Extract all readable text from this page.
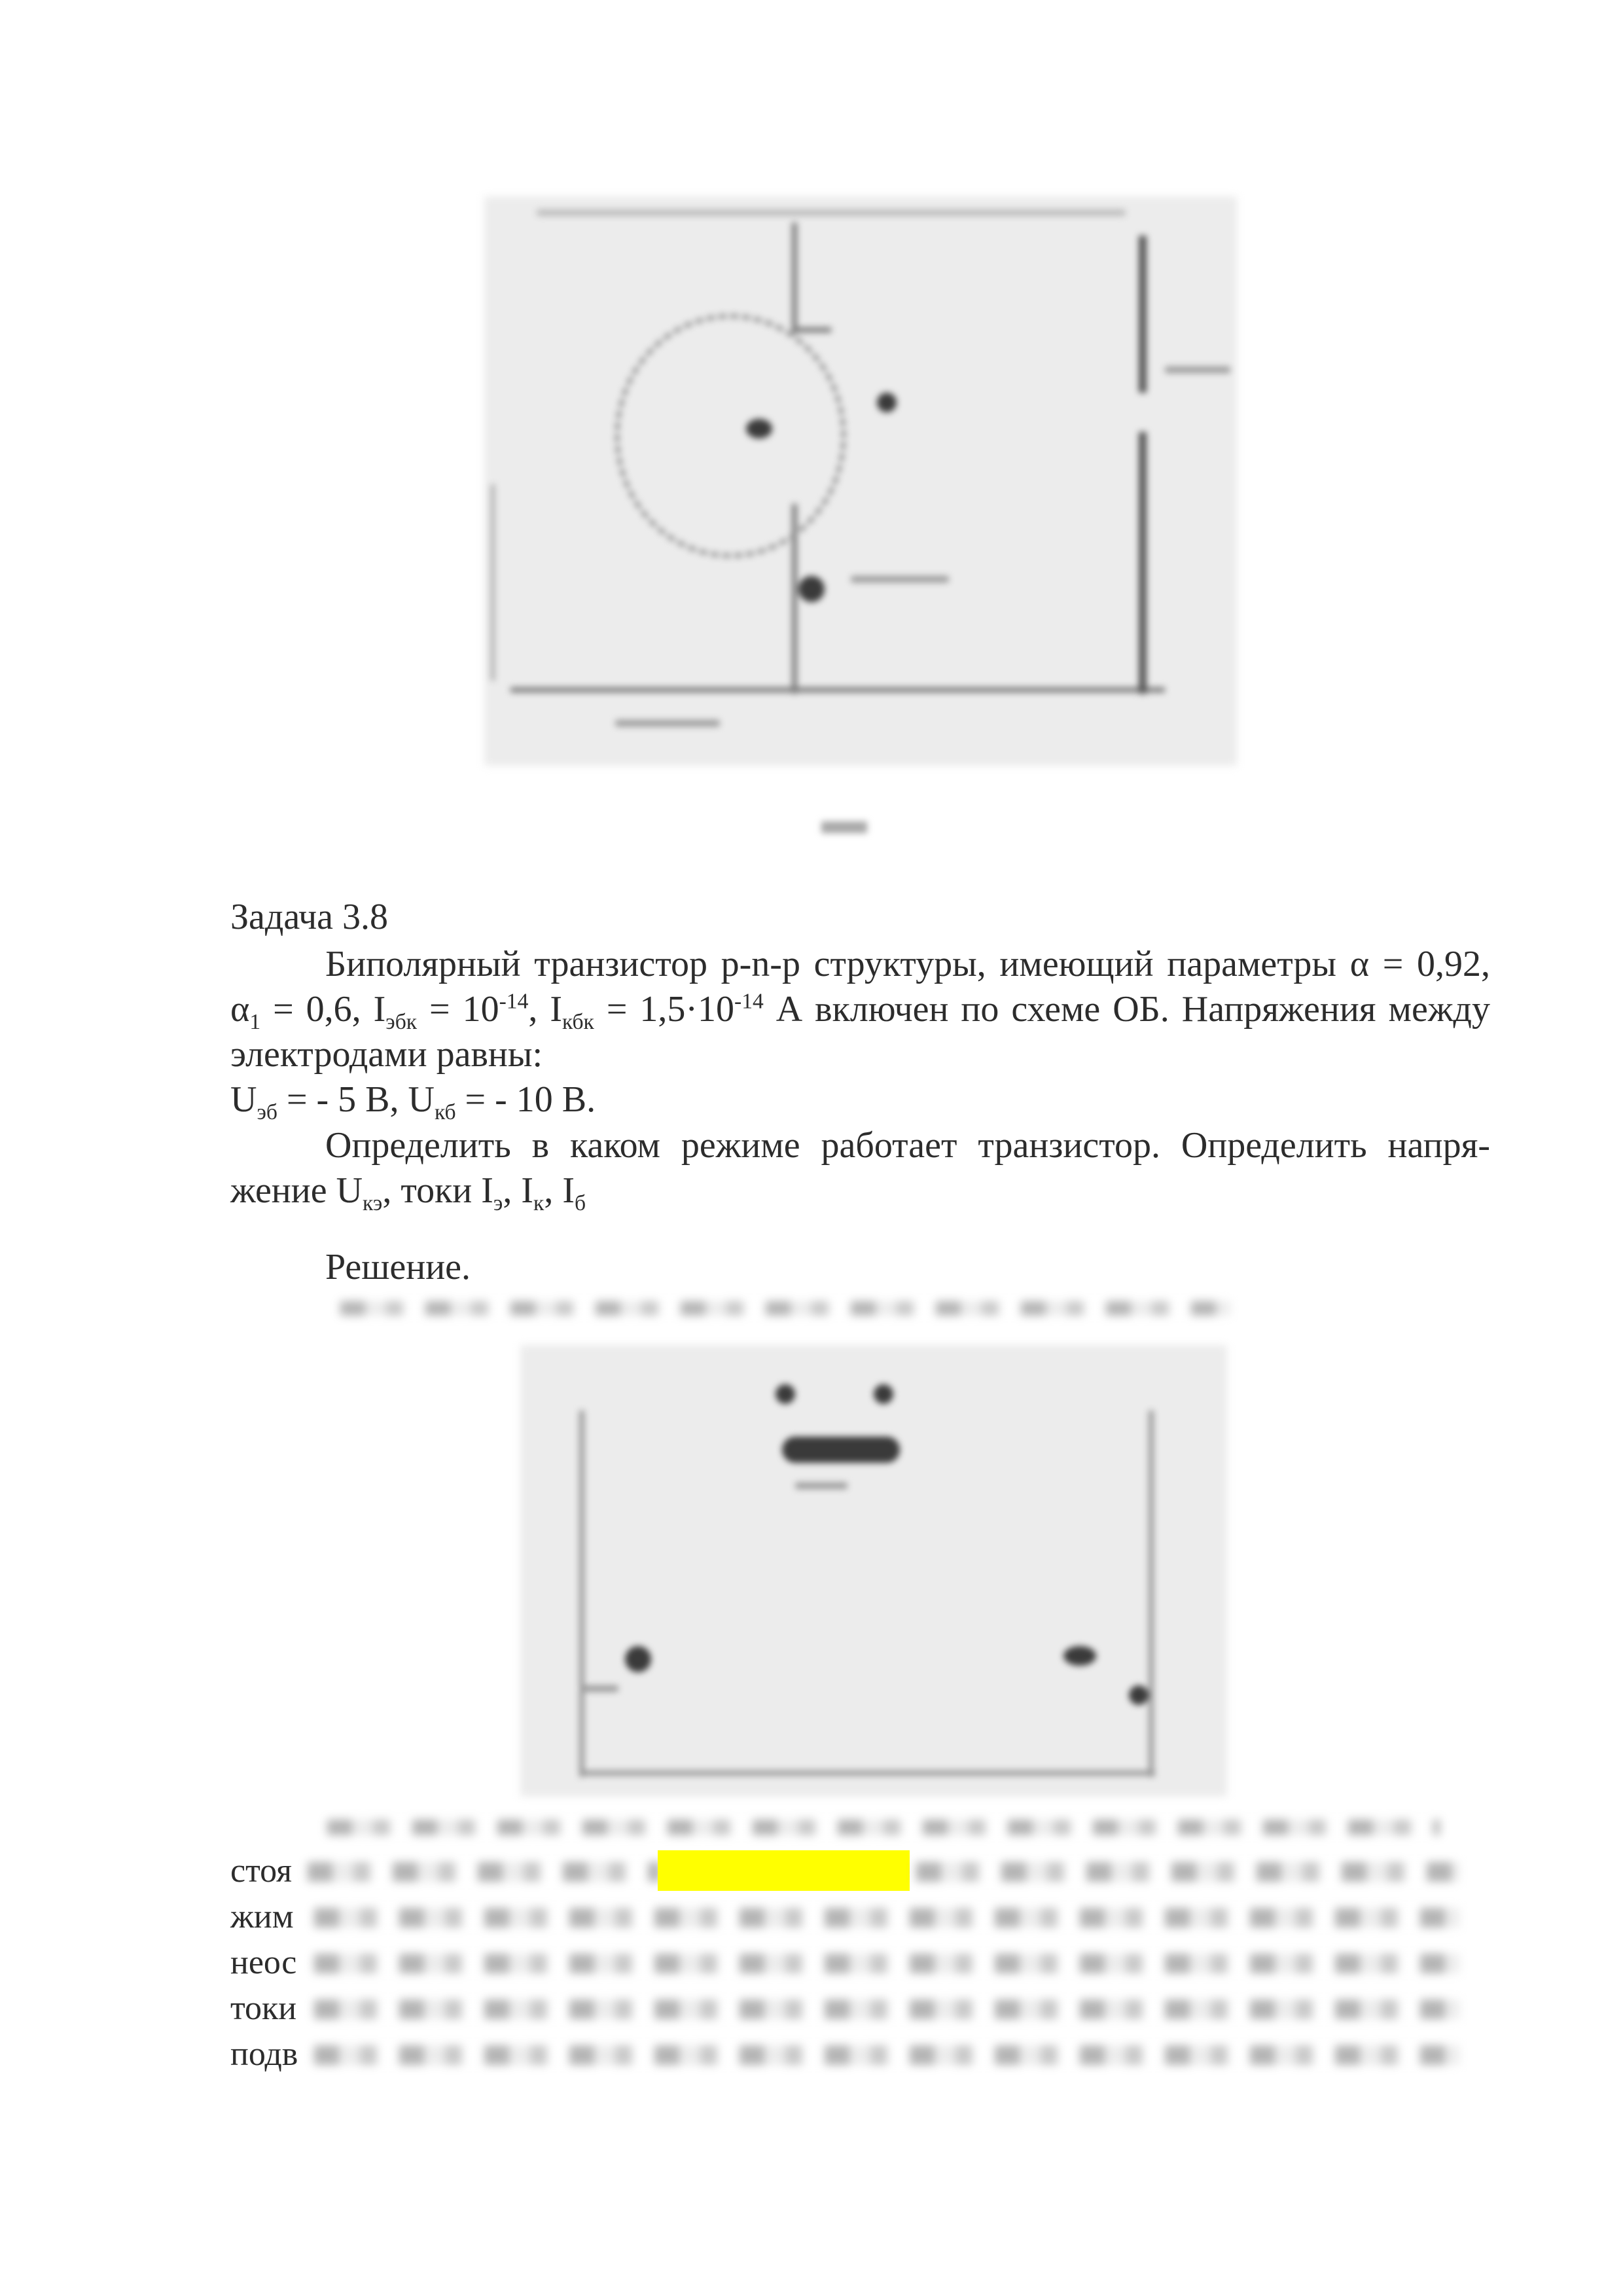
Задача 3.8
Биполярный транзистор p-n-p структуры, имеющий параметры α = 0,92,
$\alpha_1 = 0,6$, $I_{эбк} = 10^{-14}$, $I_{кбк} = 1,5\cdot 10^{-14}$ А включен по схеме ОБ. Напряжения между
электродами равны:
$U_{эб}$ = - 5 В, $U_{кб}$ = - 10 В.
Определить в каком режиме работает транзистор. Определить напря-
жение $U_{кэ}$, токи $I_э$, $I_к$, $I_б$
Решение.
стоя
жим
неос
токи
подв
